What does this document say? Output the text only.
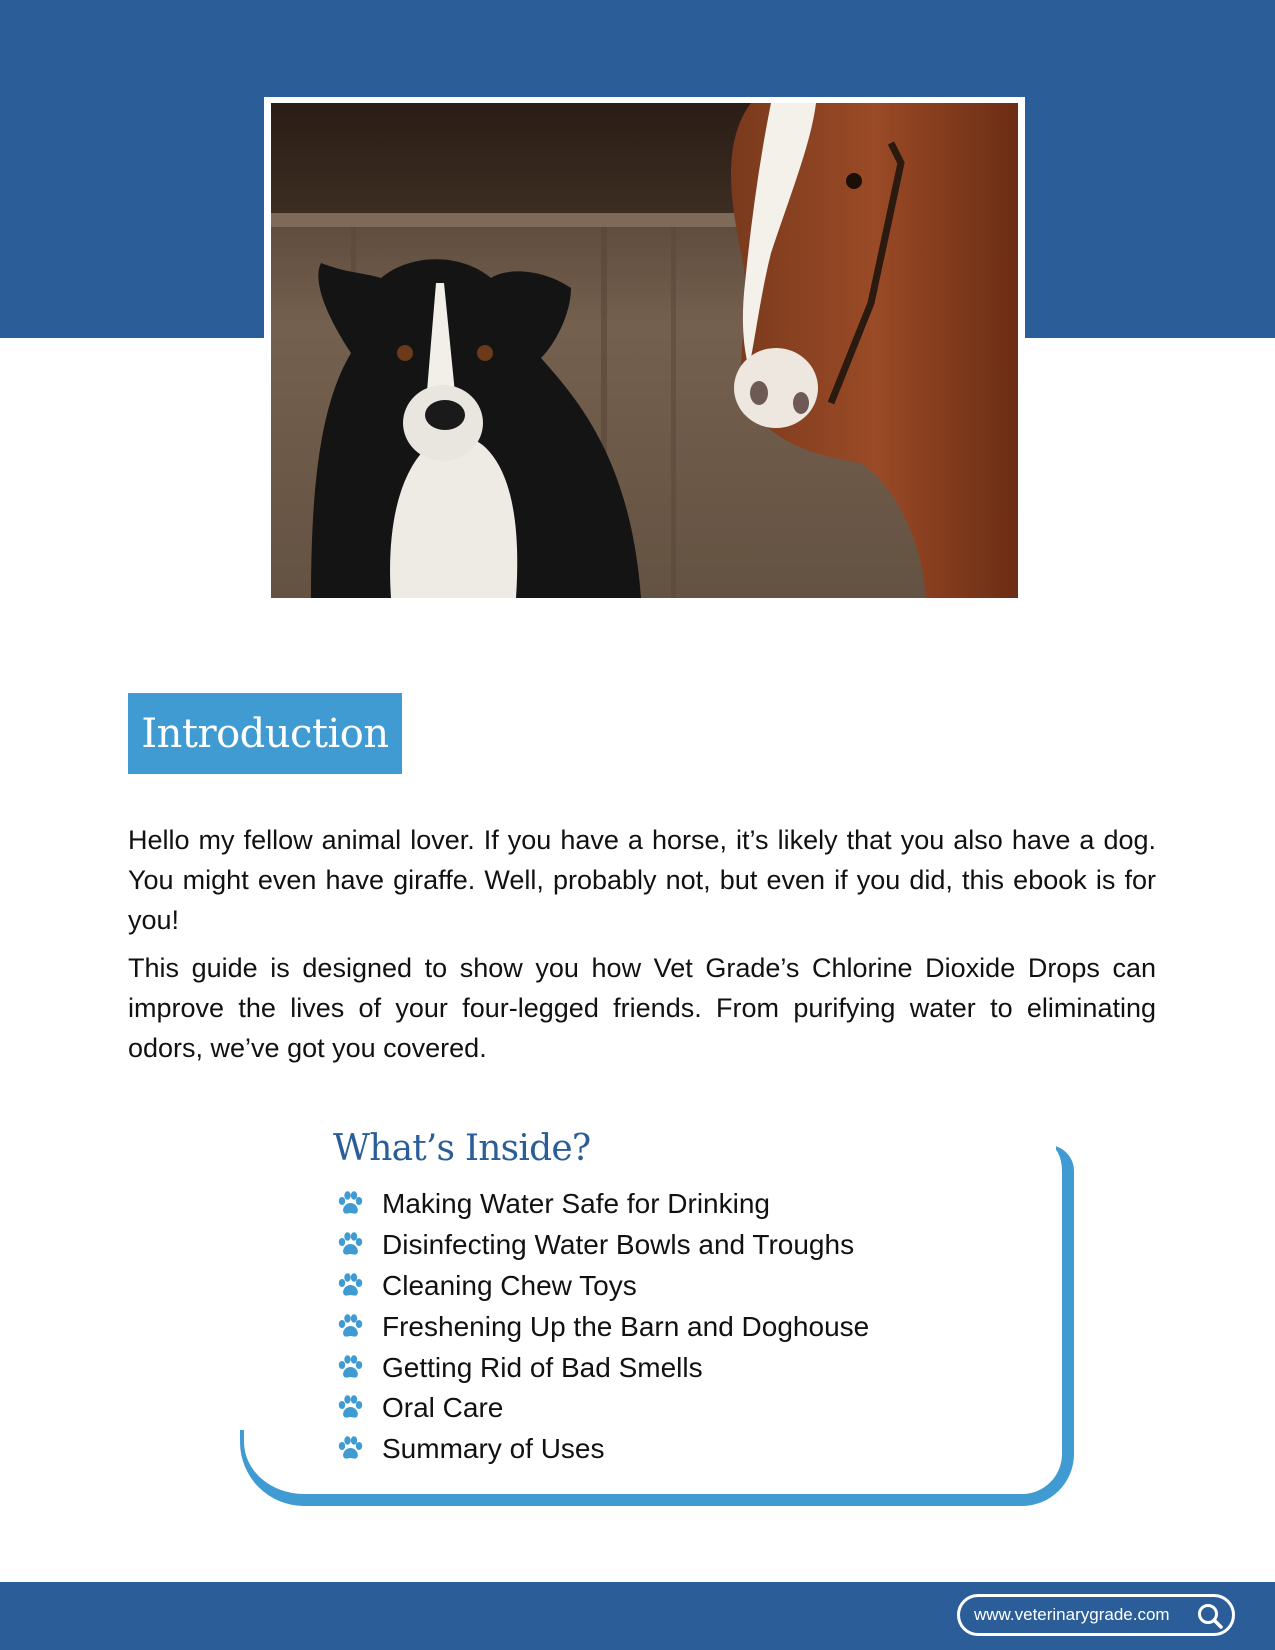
Introduction

Hello my fellow animal lover. If you have a horse, it’s likely that you also have a dog. You might even have giraffe. Well, probably not, but even if you did, this ebook is for you!

This guide is designed to show you how Vet Grade’s Chlorine Dioxide Drops can improve the lives of your four-legged friends. From purifying water to eliminating odors, we’ve got you covered.

What’s Inside?
Making Water Safe for Drinking
Disinfecting Water Bowls and Troughs
Cleaning Chew Toys
Freshening Up the Barn and Doghouse
Getting Rid of Bad Smells
Oral Care
Summary of Uses
www.veterinarygrade.com
